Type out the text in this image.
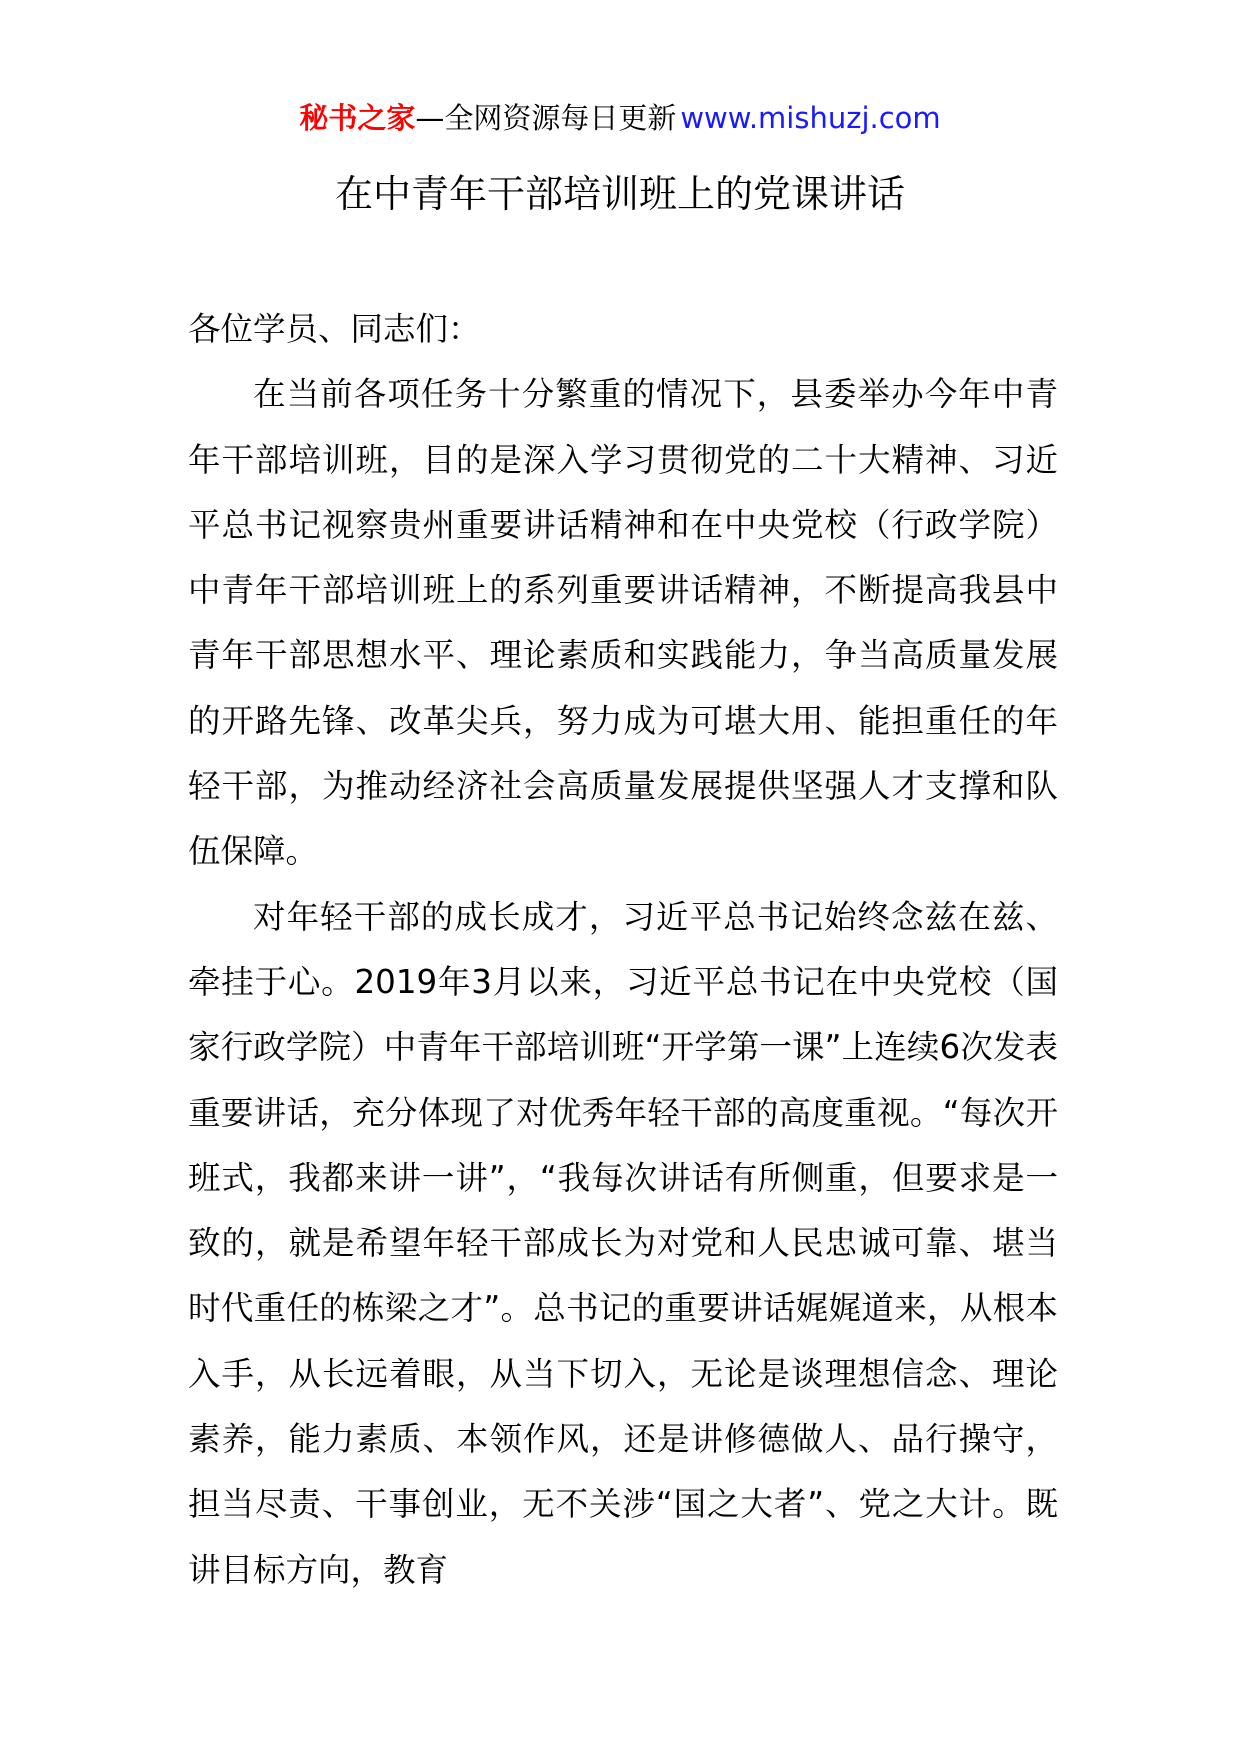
秘书之家—全网资源每日更新 www.mishuzj.com
在中青年干部培训班上的党课讲话

各位学员、同志们：

在当前各项任务十分繁重的情况下，县委举办今年中青年干部培训班，目的是深入学习贯彻党的二十大精神、习近平总书记视察贵州重要讲话精神和在中央党校（行政学院）中青年干部培训班上的系列重要讲话精神，不断提高我县中青年干部思想水平、理论素质和实践能力，争当高质量发展的开路先锋、改革尖兵，努力成为可堪大用、能担重任的年轻干部，为推动经济社会高质量发展提供坚强人才支撑和队伍保障。

对年轻干部的成长成才，习近平总书记始终念兹在兹、牵挂于心。2019年3月以来，习近平总书记在中央党校（国家行政学院）中青年干部培训班“开学第一课”上连续6次发表重要讲话，充分体现了对优秀年轻干部的高度重视。“每次开班式，我都来讲一讲”，“我每次讲话有所侧重，但要求是一致的，就是希望年轻干部成长为对党和人民忠诚可靠、堪当时代重任的栋梁之才”。总书记的重要讲话娓娓道来，从根本入手，从长远着眼，从当下切入，无论是谈理想信念、理论素养，能力素质、本领作风，还是讲修德做人、品行操守，担当尽责、干事创业，无不关涉“国之大者”、党之大计。既讲目标方向，教育
